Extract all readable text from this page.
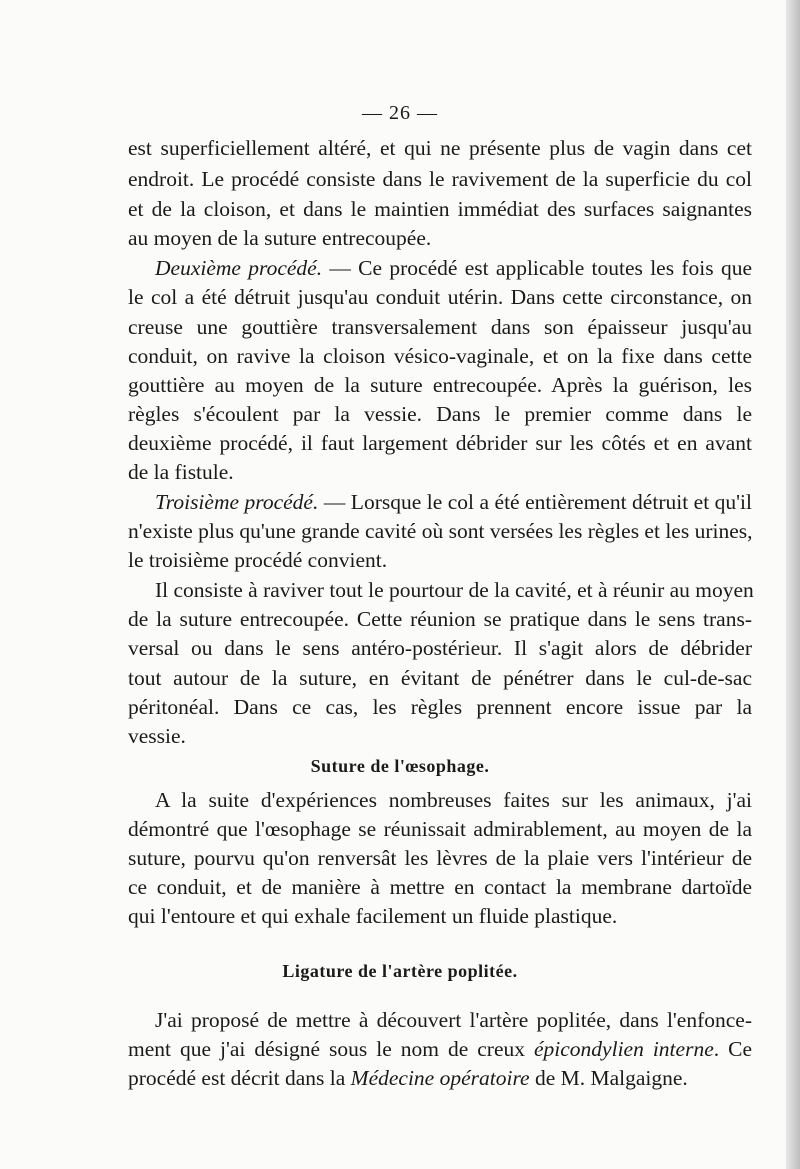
— 26 —
est superficiellement altéré, et qui ne présente plus de vagin dans cet
endroit. Le procédé consiste dans le ravivement de la superficie du col
et de la cloison, et dans le maintien immédiat des surfaces saignantes
au moyen de la suture entrecoupée.
Deuxième procédé. — Ce procédé est applicable toutes les fois que
le col a été détruit jusqu'au conduit utérin. Dans cette circonstance, on
creuse une gouttière transversalement dans son épaisseur jusqu'au
conduit, on ravive la cloison vésico-vaginale, et on la fixe dans cette
gouttière au moyen de la suture entrecoupée. Après la guérison, les
règles s'écoulent par la vessie. Dans le premier comme dans le
deuxième procédé, il faut largement débrider sur les côtés et en avant
de la fistule.
Troisième procédé. — Lorsque le col a été entièrement détruit et qu'il
n'existe plus qu'une grande cavité où sont versées les règles et les urines,
le troisième procédé convient.
Il consiste à raviver tout le pourtour de la cavité, et à réunir au moyen
de la suture entrecoupée. Cette réunion se pratique dans le sens trans-
versal ou dans le sens antéro-postérieur. Il s'agit alors de débrider
tout autour de la suture, en évitant de pénétrer dans le cul-de-sac
péritonéal. Dans ce cas, les règles prennent encore issue par la
vessie.
Suture de l'œsophage.
A la suite d'expériences nombreuses faites sur les animaux, j'ai
démontré que l'œsophage se réunissait admirablement, au moyen de la
suture, pourvu qu'on renversât les lèvres de la plaie vers l'intérieur de
ce conduit, et de manière à mettre en contact la membrane dartoïde
qui l'entoure et qui exhale facilement un fluide plastique.
Ligature de l'artère poplitée.
J'ai proposé de mettre à découvert l'artère poplitée, dans l'enfonce-
ment que j'ai désigné sous le nom de creux épicondylien interne. Ce
procédé est décrit dans la Médecine opératoire de M. Malgaigne.
